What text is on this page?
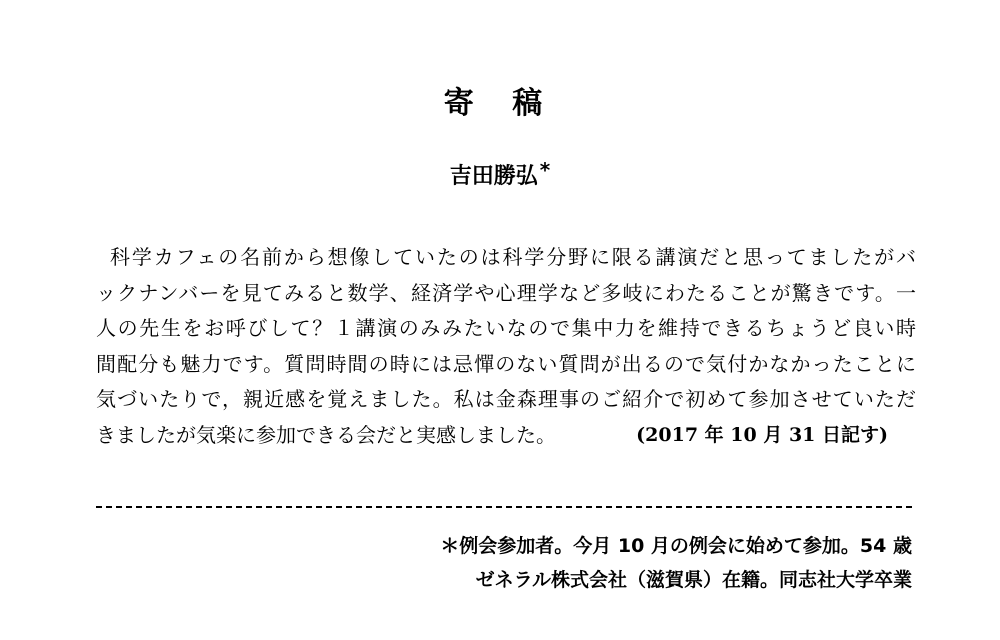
寄 稿
吉田勝弘 *
科学カフェの名前から想像していたのは科学分野に限る講演だと思ってましたがバ
ックナンバーを見てみると数学、経済学や心理学など多岐にわたることが驚きです。一
人の先生をお呼びして？１講演のみみたいなので集中力を維持できるちょうど良い時
間配分も魅力です。質問時間の時には忌憚のない質問が出るので気付かなかったことに
気づいたりで，親近感を覚えました。私は金森理事のご紹介で初めて参加させていただ
きましたが気楽に参加できる会だと実感しました。	(2017 年 10 月 31 日記す)
＊例会参加者。今月 10 月の例会に始めて参加。54 歳
ゼネラル株式会社（滋賀県）在籍。同志社大学卒業
